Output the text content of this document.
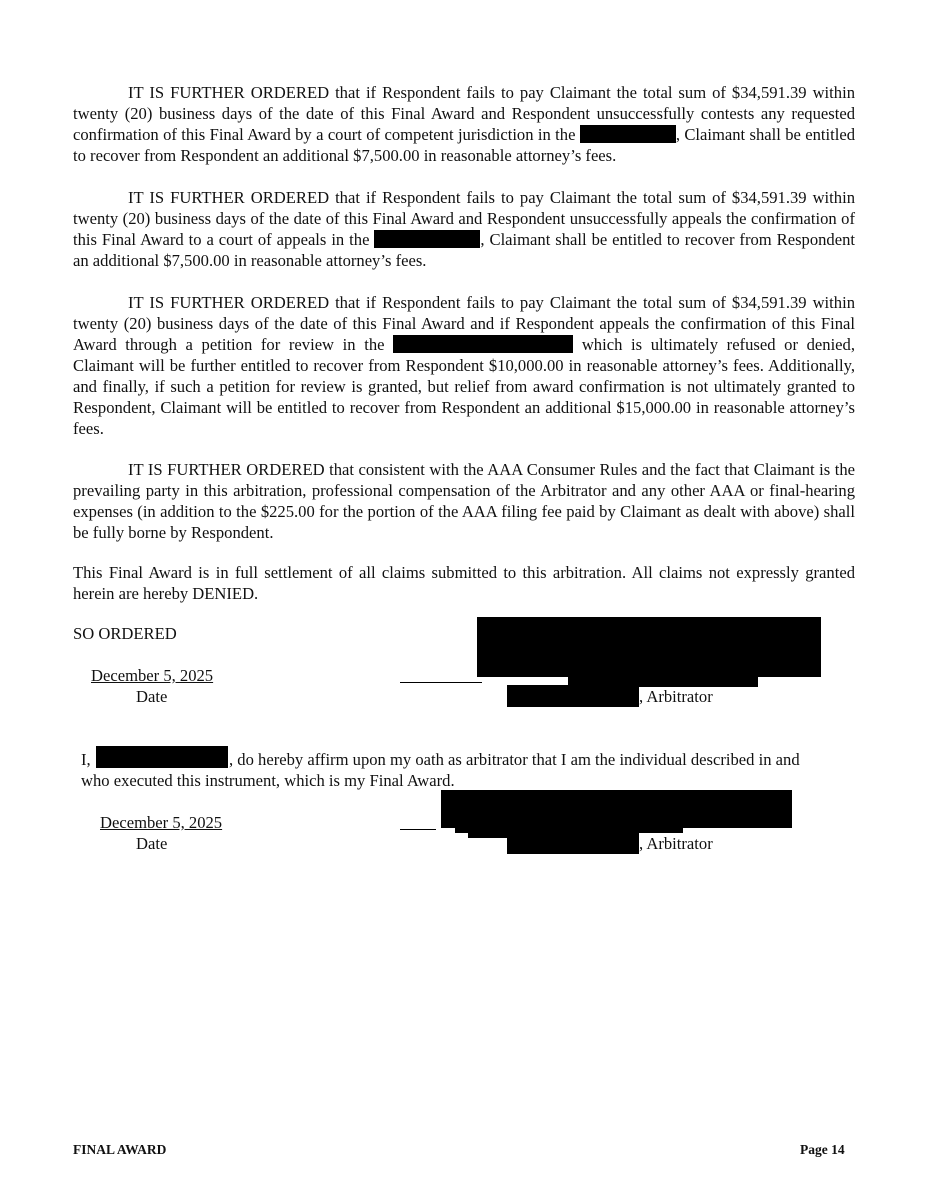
IT IS FURTHER ORDERED that if Respondent fails to pay Claimant the total sum of $34,591.39 within twenty (20) business days of the date of this Final Award and Respondent unsuccessfully contests any requested confirmation of this Final Award by a court of competent jurisdiction in the	, Claimant shall be entitled to recover from Respondent an additional $7,500.00 in reasonable attorney’s fees.

IT IS FURTHER ORDERED that if Respondent fails to pay Claimant the total sum of $34,591.39 within twenty (20) business days of the date of this Final Award and Respondent unsuccessfully appeals the confirmation of this Final Award to a court of appeals in the	, Claimant shall be entitled to recover from Respondent an additional $7,500.00 in reasonable attorney’s fees.

IT IS FURTHER ORDERED that if Respondent fails to pay Claimant the total sum of $34,591.39 within twenty (20) business days of the date of this Final Award and if Respondent appeals the confirmation of this Final Award through a petition for review in the	which is ultimately refused or denied, Claimant will be further entitled to recover from Respondent $10,000.00 in reasonable attorney’s fees. Additionally, and finally, if such a petition for review is granted, but relief from award confirmation is not ultimately granted to Respondent, Claimant will be entitled to recover from Respondent an additional $15,000.00 in reasonable attorney’s fees.

IT IS FURTHER ORDERED that consistent with the AAA Consumer Rules and the fact that Claimant is the prevailing party in this arbitration, professional compensation of the Arbitrator and any other AAA or final-hearing expenses (in addition to the $225.00 for the portion of the AAA filing fee paid by Claimant as dealt with above) shall be fully borne by Respondent.

This Final Award is in full settlement of all claims submitted to this arbitration. All claims not expressly granted herein are hereby DENIED.

SO ORDERED
December 5, 2025
Date	, Arbitrator
I,	, do hereby affirm upon my oath as arbitrator that I am the individual described in and
who executed this instrument, which is my Final Award.
December 5, 2025
Date	, Arbitrator
FINAL AWARD	Page 14
